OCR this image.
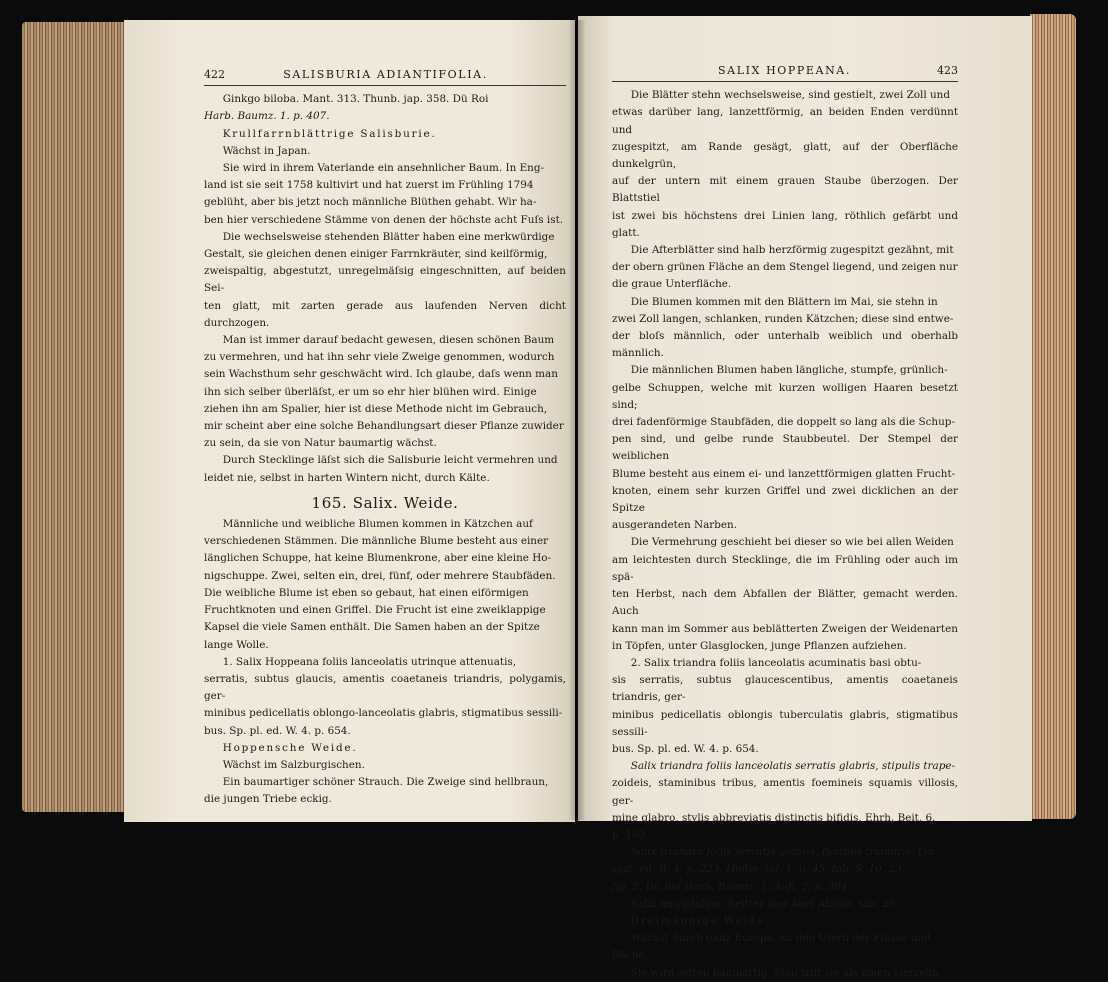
422	SALISBURIA ADIANTIFOLIA.

Ginkgo biloba. Mant. 313. Thunb. jap. 358. Dü Roi

Harb. Baumz. 1. p. 407.

Krullfarrnblättrige Salisburie.

Wächst in Japan.

Sie wird in ihrem Vaterlande ein ansehnlicher Baum. In Eng-

land ist sie seit 1758 kultivirt und hat zuerst im Frühling 1794

geblüht, aber bis jetzt noch männliche Blüthen gehabt. Wir ha-

ben hier verschiedene Stämme von denen der höchste acht Fuſs ist.

Die wechselsweise stehenden Blätter haben eine merkwürdige

Gestalt, sie gleichen denen einiger Farrnkräuter, sind keilförmig,

zweispaltig, abgestutzt, unregelmäſsig eingeschnitten, auf beiden Sei-

ten glatt, mit zarten gerade aus laufenden Nerven dicht durchzogen.

Man ist immer darauf bedacht gewesen, diesen schönen Baum

zu vermehren, und hat ihn sehr viele Zweige genommen, wodurch

sein Wachsthum sehr geschwächt wird. Ich glaube, daſs wenn man

ihn sich selber überläſst, er um so ehr hier blühen wird. Einige

ziehen ihn am Spalier, hier ist diese Methode nicht im Gebrauch,

mir scheint aber eine solche Behandlungsart dieser Pflanze zuwider

zu sein, da sie von Natur baumartig wächst.

Durch Stecklinge läſst sich die Salisburie leicht vermehren und

leidet nie, selbst in harten Wintern nicht, durch Kälte.

165. Salix. Weide.

Männliche und weibliche Blumen kommen in Kätzchen auf

verschiedenen Stämmen. Die männliche Blume besteht aus einer

länglichen Schuppe, hat keine Blumenkrone, aber eine kleine Ho-

nigschuppe. Zwei, selten ein, drei, fünf, oder mehrere Staubfäden.

Die weibliche Blume ist eben so gebaut, hat einen eiförmigen

Fruchtknoten und einen Griffel. Die Frucht ist eine zweiklappige

Kapsel die viele Samen enthält. Die Samen haben an der Spitze

lange Wolle.

1. Salix Hoppeana foliis lanceolatis utrinque attenuatis,

serratis, subtus glaucis, amentis coaetaneis triandris, polygamis, ger-

minibus pedicellatis oblongo-lanceolatis glabris, stigmatibus sessili-

bus. Sp. pl. ed. W. 4. p. 654.

Hoppensche Weide.

Wächst im Salzburgischen.

Ein baumartiger schöner Strauch. Die Zweige sind hellbraun,

die jungen Triebe eckig.

SALIX HOPPEANA.	423

Die Blätter stehn wechselsweise, sind gestielt, zwei Zoll und

etwas darüber lang, lanzettförmig, an beiden Enden verdünnt und

zugespitzt, am Rande gesägt, glatt, auf der Oberfläche dunkelgrün,

auf der untern mit einem grauen Staube überzogen. Der Blattstiel

ist zwei bis höchstens drei Linien lang, röthlich gefärbt und glatt.

Die Afterblätter sind halb herzförmig zugespitzt gezähnt, mit

der obern grünen Fläche an dem Stengel liegend, und zeigen nur

die graue Unterfläche.

Die Blumen kommen mit den Blättern im Mai, sie stehn in

zwei Zoll langen, schlanken, runden Kätzchen; diese sind entwe-

der bloſs männlich, oder unterhalb weiblich und oberhalb männlich.

Die männlichen Blumen haben längliche, stumpfe, grünlich-

gelbe Schuppen, welche mit kurzen wolligen Haaren besetzt sind;

drei fadenförmige Staubfäden, die doppelt so lang als die Schup-

pen sind, und gelbe runde Staubbeutel. Der Stempel der weiblichen

Blume besteht aus einem ei- und lanzettförmigen glatten Frucht-

knoten, einem sehr kurzen Griffel und zwei dicklichen an der Spitze

ausgerandeten Narben.

Die Vermehrung geschieht bei dieser so wie bei allen Weiden

am leichtesten durch Stecklinge, die im Frühling oder auch im spä-

ten Herbst, nach dem Abfallen der Blätter, gemacht werden. Auch

kann man im Sommer aus beblätterten Zweigen der Weidenarten

in Töpfen, unter Glasglocken, junge Pflanzen aufziehen.

2. Salix triandra foliis lanceolatis acuminatis basi obtu-

sis serratis, subtus glaucescentibus, amentis coaetaneis triandris, ger-

minibus pedicellatis oblongis tuberculatis glabris, stigmatibus sessili-

bus. Sp. pl. ed. W. 4. p. 654.

Salix triandra foliis lanceolatis serratis glabris, stipulis trape-

zoideis, staminibus tribus, amentis foemineis squamis villosis, ger-

mine glabro, stylis abbreviatis distinctis bifidis. Ehrh. Beit. 6.

p. 100.

Salix triandra foliis serratis glabris, floribus triandris. Lin.

syst. ed. R. 4. p. 223. Hoffm. tal. 1. p. 45. tab. 9. 10. 23.

fig. 2. Dü Roi Harb. Baumz. 1. Aufl. 2. p. 384.

Salix amygdalina. Reitter und Abel Abbild. tab. 26.

Dreimännige Weide.

Wächst durch ganz Europa, an den Ufern der Flüsse und

Bäche.

Sie wird selten baumartig. Man trift sie als einen vierzehn
